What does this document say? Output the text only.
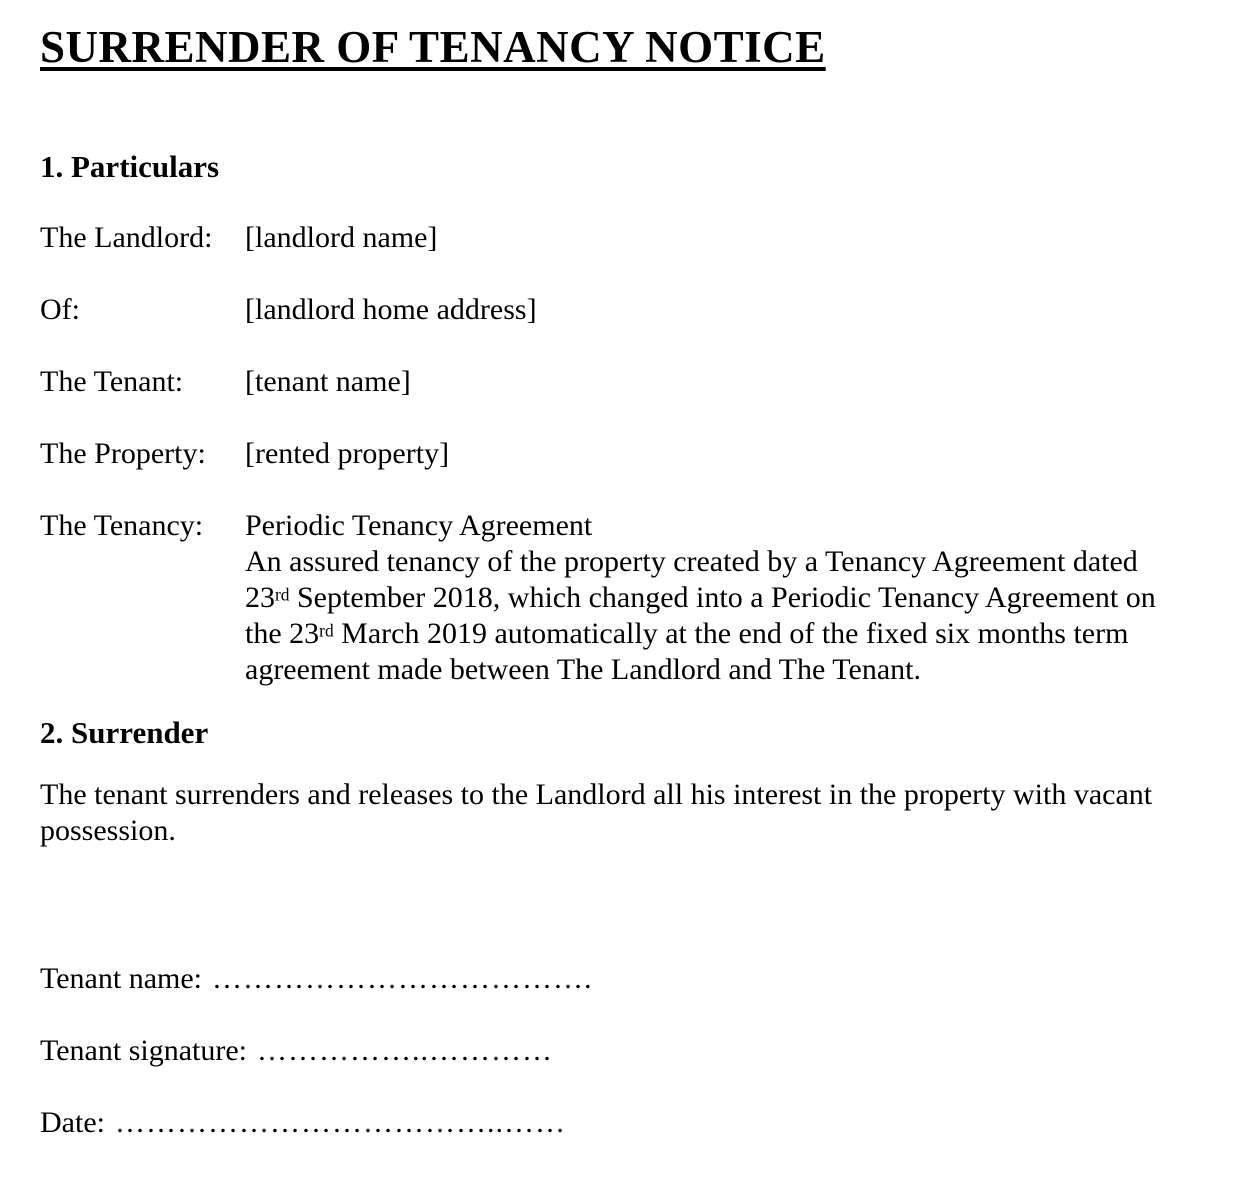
SURRENDER OF TENANCY NOTICE
1. Particulars
The Landlord:	[landlord name]
Of:	[landlord home address]
The Tenant:	[tenant name]
The Property:	[rented property]
The Tenancy:	Periodic Tenancy Agreement
An assured tenancy of the property created by a Tenancy Agreement dated
23rd September 2018, which changed into a Periodic Tenancy Agreement on
the 23rd March 2019 automatically at the end of the fixed six months term
agreement made between The Landlord and The Tenant.
2. Surrender
The tenant surrenders and releases to the Landlord all his interest in the property with vacant
possession.
Tenant name: ……………………………….
Tenant signature: ……………..…………
Date: ………………………………..……
